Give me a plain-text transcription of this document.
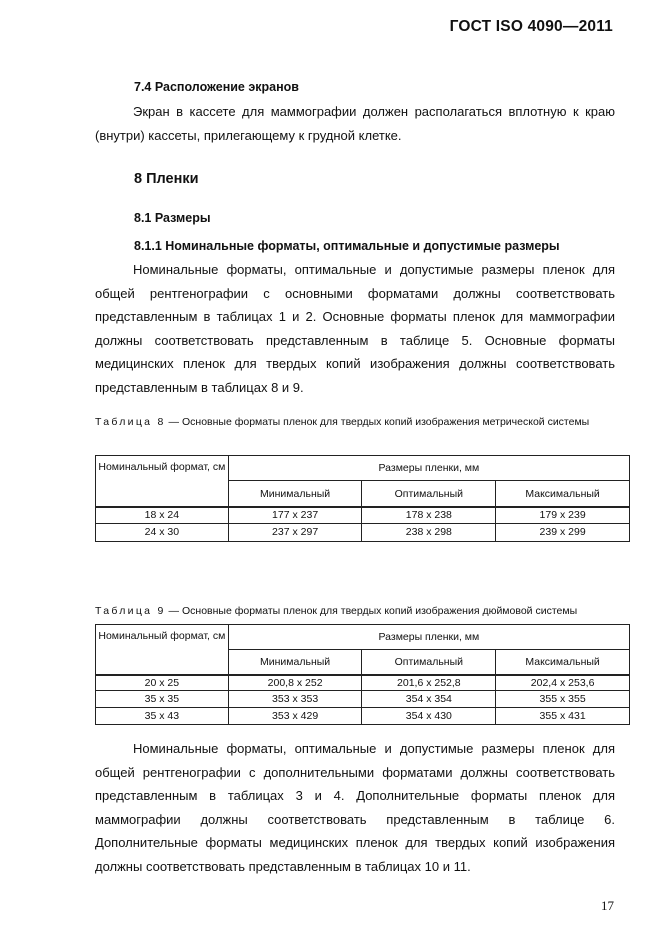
ГОСТ ISO 4090—2011
7.4 Расположение экранов

Экран в кассете для маммографии должен располагаться вплотную к краю (внутри) кассеты, прилегающему к грудной клетке.

8 Пленки
8.1 Размеры
8.1.1 Номинальные форматы, оптимальные и допустимые размеры

Номинальные форматы, оптимальные и допустимые размеры пленок для общей рентгенографии с основными форматами должны соответствовать представленным в таблицах 1 и 2. Основные форматы пленок для маммографии должны соответствовать представленным в таблице 5. Основные форматы медицинских пленок для твердых копий изображения должны соответствовать представленным в таблицах 8 и 9.

Таблица 8 — Основные форматы пленок для твердых копий изображения метрической системы
Номинальный формат, см	Размеры пленки, мм		
	Минимальный	Оптимальный	Максимальный
18 х 24	177 х 237	178 х 238	179 х 239
24 х 30	237 х 297	238 х 298	239 х 299
Таблица 9 — Основные форматы пленок для твердых копий изображения дюймовой системы
Номинальный формат, см	Размеры пленки, мм		
	Минимальный	Оптимальный	Максимальный
20 х 25	200,8 х 252	201,6 х 252,8	202,4 х 253,6
35 х 35	353 х 353	354 х 354	355 х 355
35 х 43	353 х 429	354 х 430	355 х 431

Номинальные форматы, оптимальные и допустимые размеры пленок для общей рентгенографии с дополнительными форматами должны соответствовать представленным в таблицах 3 и 4. Дополнительные форматы пленок для маммографии должны соответствовать представленным в таблице 6. Дополнительные форматы медицинских пленок для твердых копий изображения должны соответствовать представленным в таблицах 10 и 11.

17
